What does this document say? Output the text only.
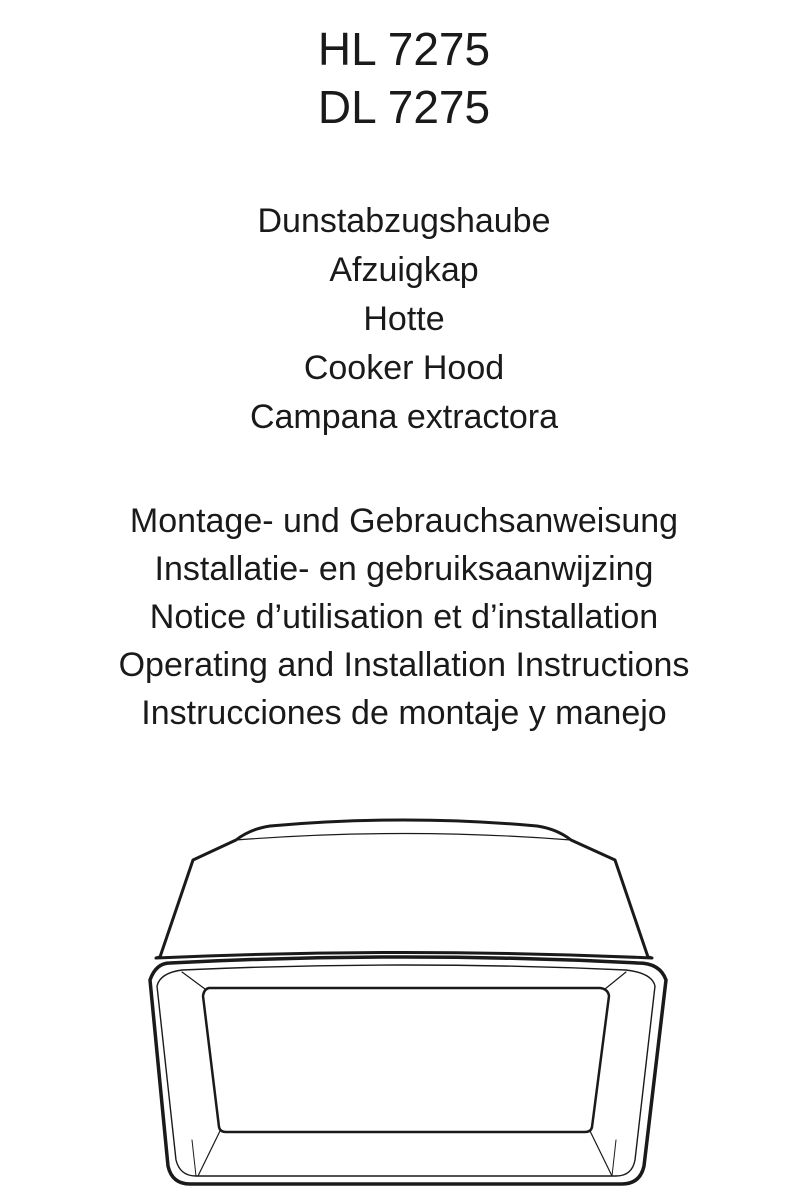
HL 7275
DL 7275
Dunstabzugshaube
Afzuigkap
Hotte
Cooker Hood
Campana extractora
Montage- und Gebrauchsanweisung
Installatie- en gebruiksaanwijzing
Notice d’utilisation et d’installation
Operating and Installation Instructions
Instrucciones de montaje y manejo
